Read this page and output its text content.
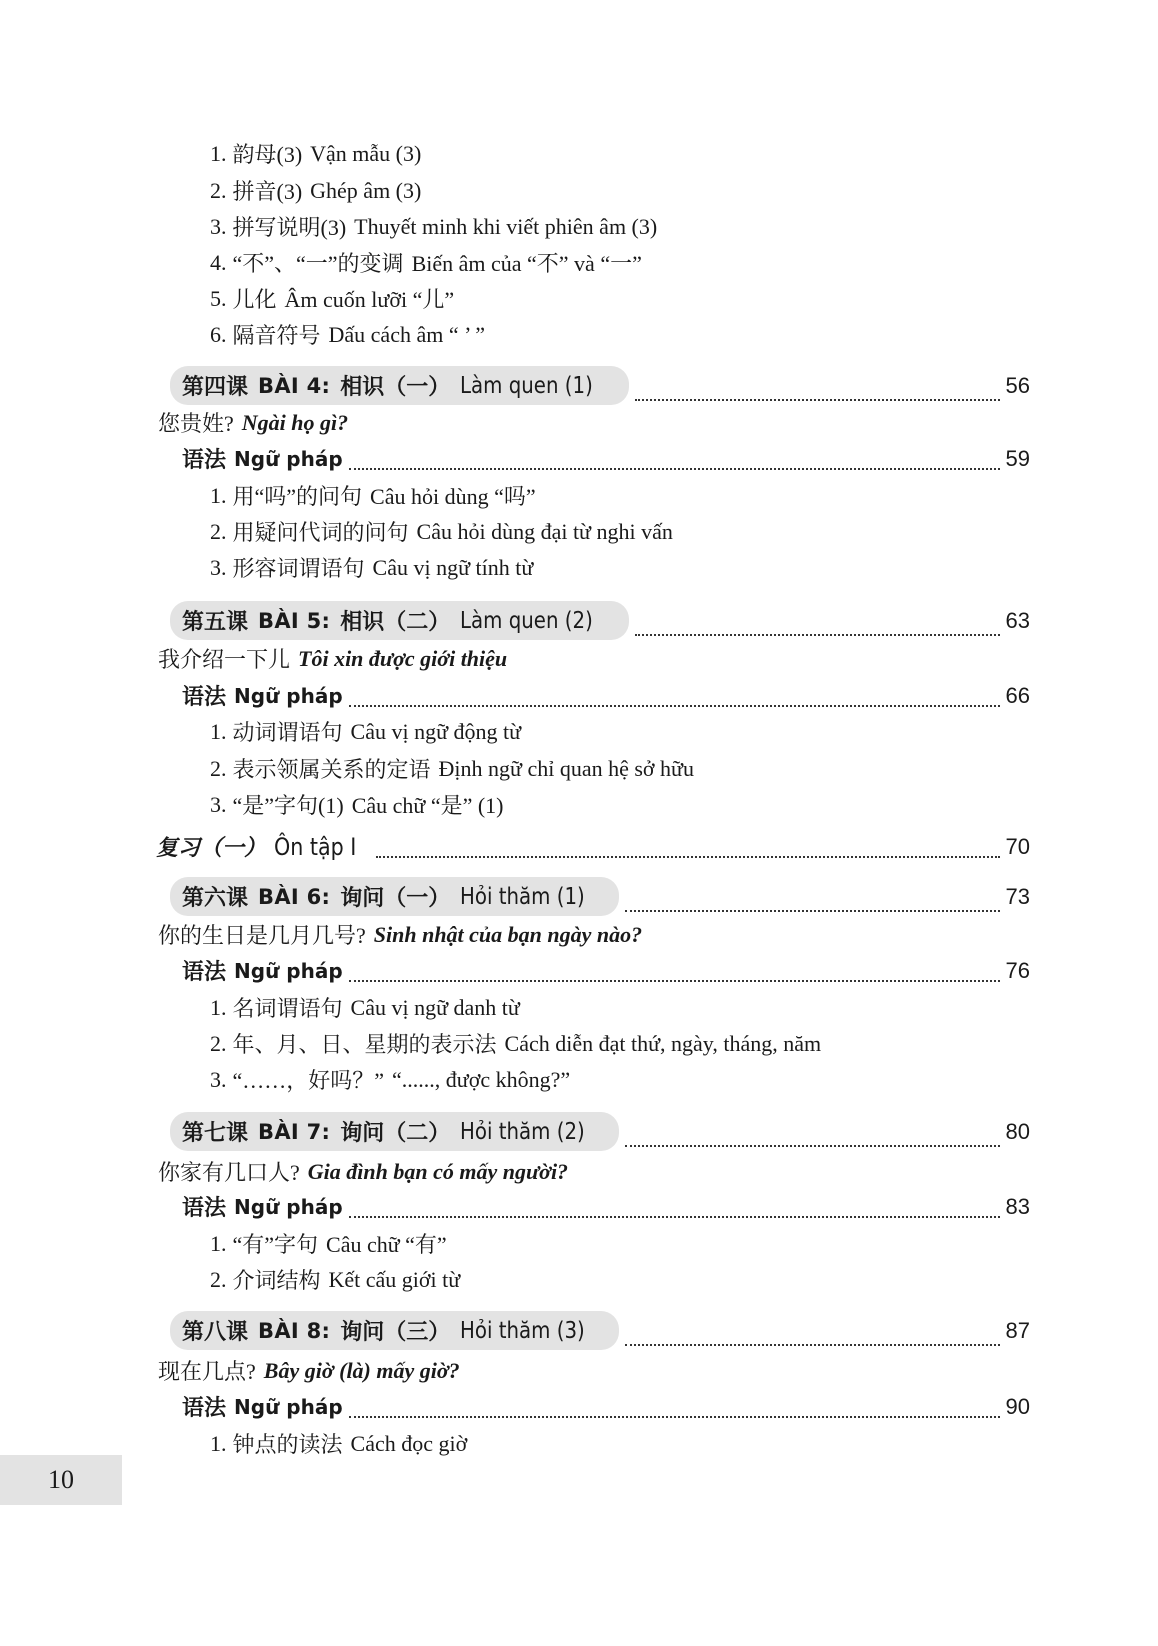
1. 韵母(3) Vận mẫu (3)
2. 拼音(3) Ghép âm (3)
3. 拼写说明(3) Thuyết minh khi viết phiên âm (3)
4. “不”、“一”的变调 Biến âm của “不” và “一”
5. 儿化 Âm cuốn lưỡi “儿”
6. 隔音符号 Dấu cách âm “ ’ ”
第四课 BÀI 4: 相识（一） Làm quen (1)	56
您贵姓? Ngài họ gì?
语法 Ngữ pháp	59
1. 用“吗”的问句 Câu hỏi dùng “吗”
2. 用疑问代词的问句 Câu hỏi dùng đại từ nghi vấn
3. 形容词谓语句 Câu vị ngữ tính từ
第五课 BÀI 5: 相识（二） Làm quen (2)	63
我介绍一下儿 Tôi xin được giới thiệu
语法 Ngữ pháp	66
1. 动词谓语句 Câu vị ngữ động từ
2. 表示领属关系的定语 Định ngữ chỉ quan hệ sở hữu
3. “是”字句(1) Câu chữ “是” (1)
复习（一） Ôn tập I	70
第六课 BÀI 6: 询问（一） Hỏi thăm (1)	73
你的生日是几月几号? Sinh nhật của bạn ngày nào?
语法 Ngữ pháp	76
1. 名词谓语句 Câu vị ngữ danh từ
2. 年、月、日、星期的表示法 Cách diễn đạt thứ, ngày, tháng, năm
3. “……，好吗？” “......, được không?”
第七课 BÀI 7: 询问（二） Hỏi thăm (2)	80
你家有几口人? Gia đình bạn có mấy người?
语法 Ngữ pháp	83
1. “有”字句 Câu chữ “有”
2. 介词结构 Kết cấu giới từ
第八课 BÀI 8: 询问（三） Hỏi thăm (3)	87
现在几点? Bây giờ (là) mấy giờ?
语法 Ngữ pháp	90
1. 钟点的读法 Cách đọc giờ
10
